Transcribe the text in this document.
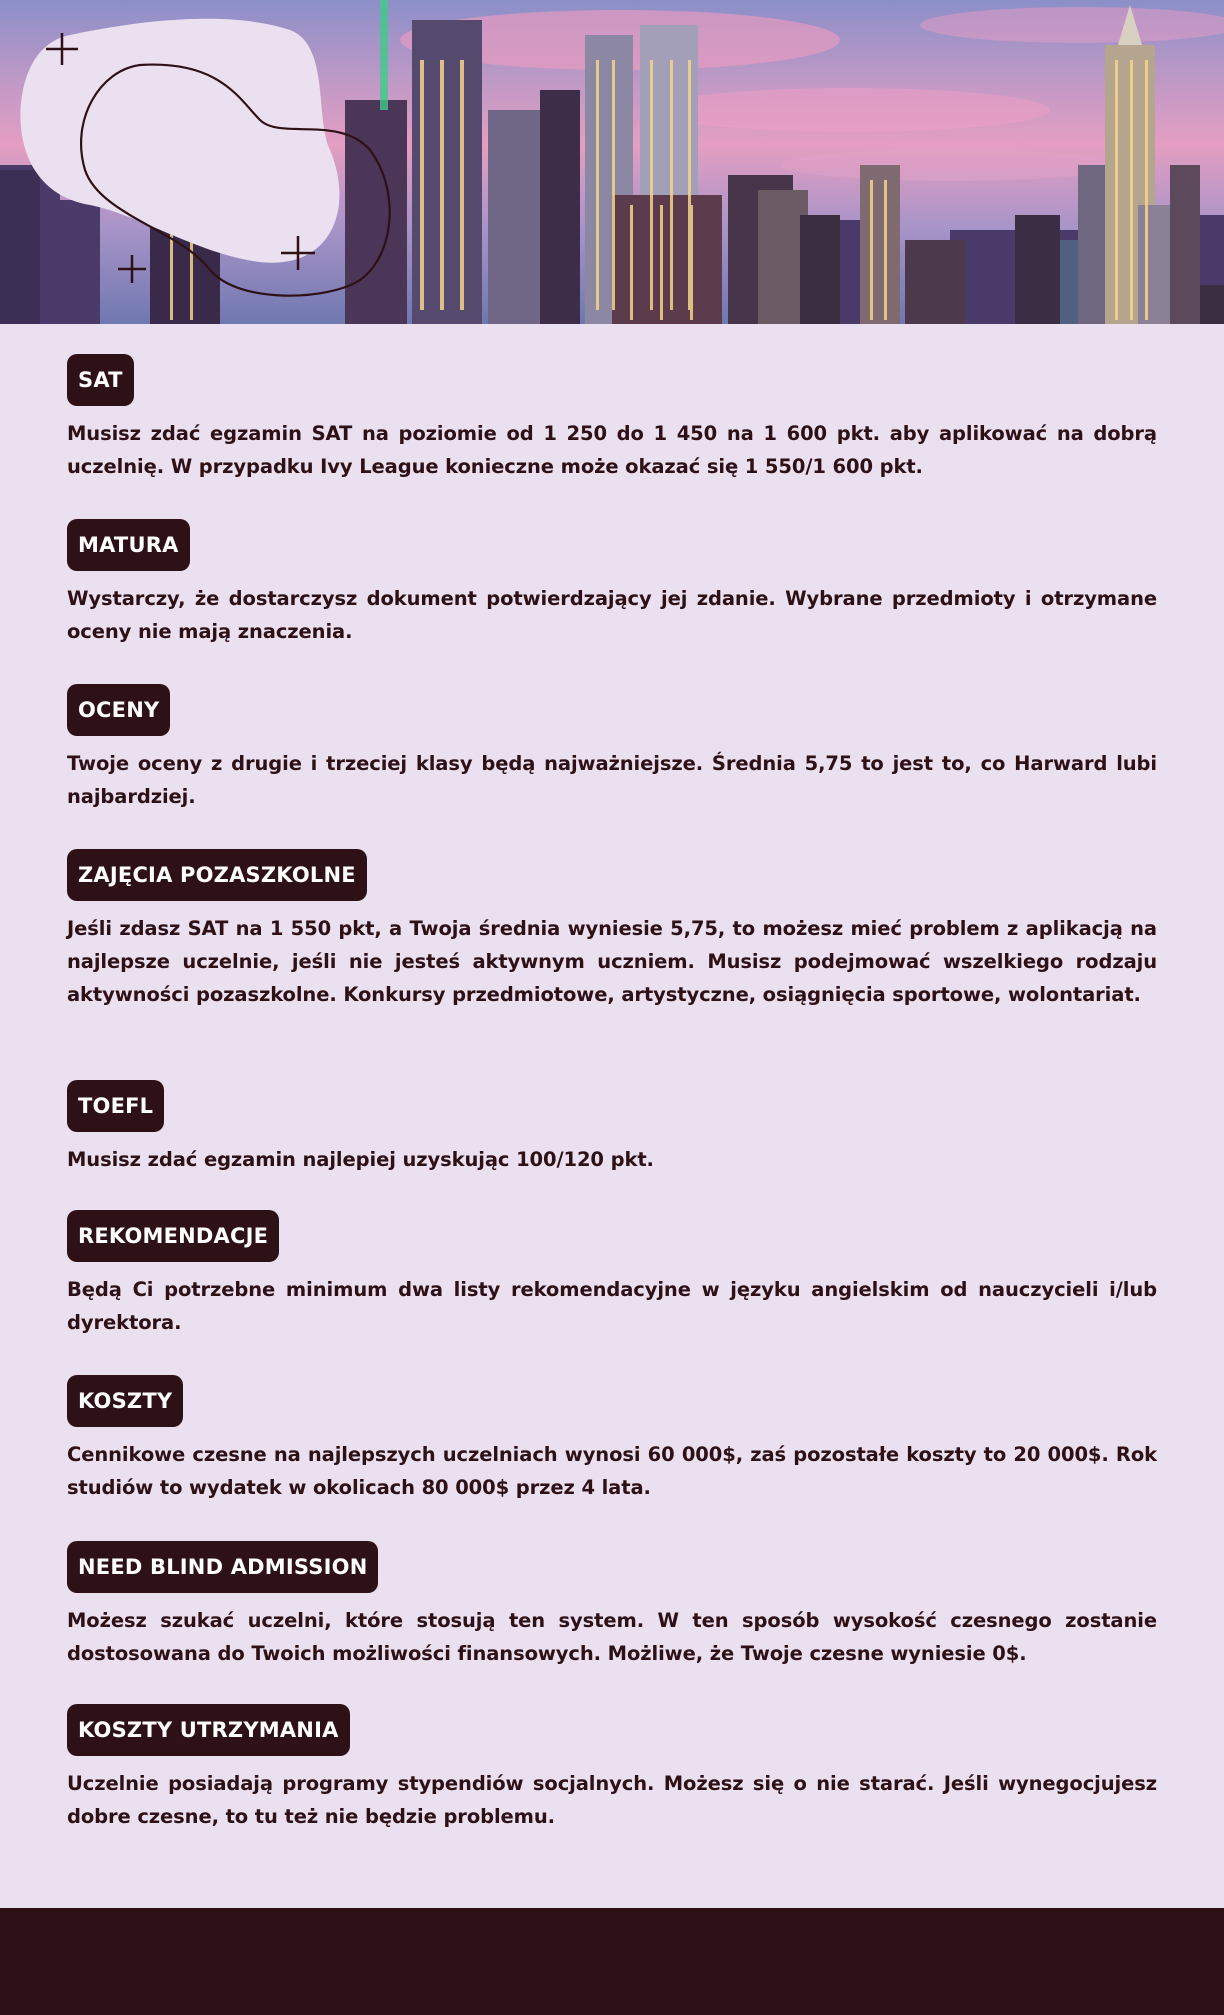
SAT

Musisz zdać egzamin SAT na poziomie od 1 250 do 1 450 na 1 600 pkt. aby aplikować na dobrą uczelnię. W przypadku Ivy League konieczne może okazać się 1 550/1 600 pkt.

MATURA

Wystarczy, że dostarczysz dokument potwierdzający jej zdanie. Wybrane przedmioty i otrzymane oceny nie mają znaczenia.

OCENY

Twoje oceny z drugie i trzeciej klasy będą najważniejsze. Średnia 5,75 to jest to, co Harward lubi najbardziej.

ZAJĘCIA POZASZKOLNE

Jeśli zdasz SAT na 1 550 pkt, a Twoja średnia wyniesie 5,75, to możesz mieć problem z aplikacją na najlepsze uczelnie, jeśli nie jesteś aktywnym uczniem. Musisz podejmować wszelkiego rodzaju aktywności pozaszkolne. Konkursy przedmiotowe, artystyczne, osiągnięcia sportowe, wolontariat.

TOEFL

Musisz zdać egzamin najlepiej uzyskując 100/120 pkt.

REKOMENDACJE

Będą Ci potrzebne minimum dwa listy rekomendacyjne w języku angielskim od nauczycieli i/lub dyrektora.

KOSZTY

Cennikowe czesne na najlepszych uczelniach wynosi 60 000$, zaś pozostałe koszty to 20 000$. Rok studiów to wydatek w okolicach 80 000$ przez 4 lata.

NEED BLIND ADMISSION

Możesz szukać uczelni, które stosują ten system. W ten sposób wysokość czesnego zostanie dostosowana do Twoich możliwości finansowych. Możliwe, że Twoje czesne wyniesie 0$.

KOSZTY UTRZYMANIA

Uczelnie posiadają programy stypendiów socjalnych. Możesz się o nie starać. Jeśli wynegocjujesz dobre czesne, to tu też nie będzie problemu.
